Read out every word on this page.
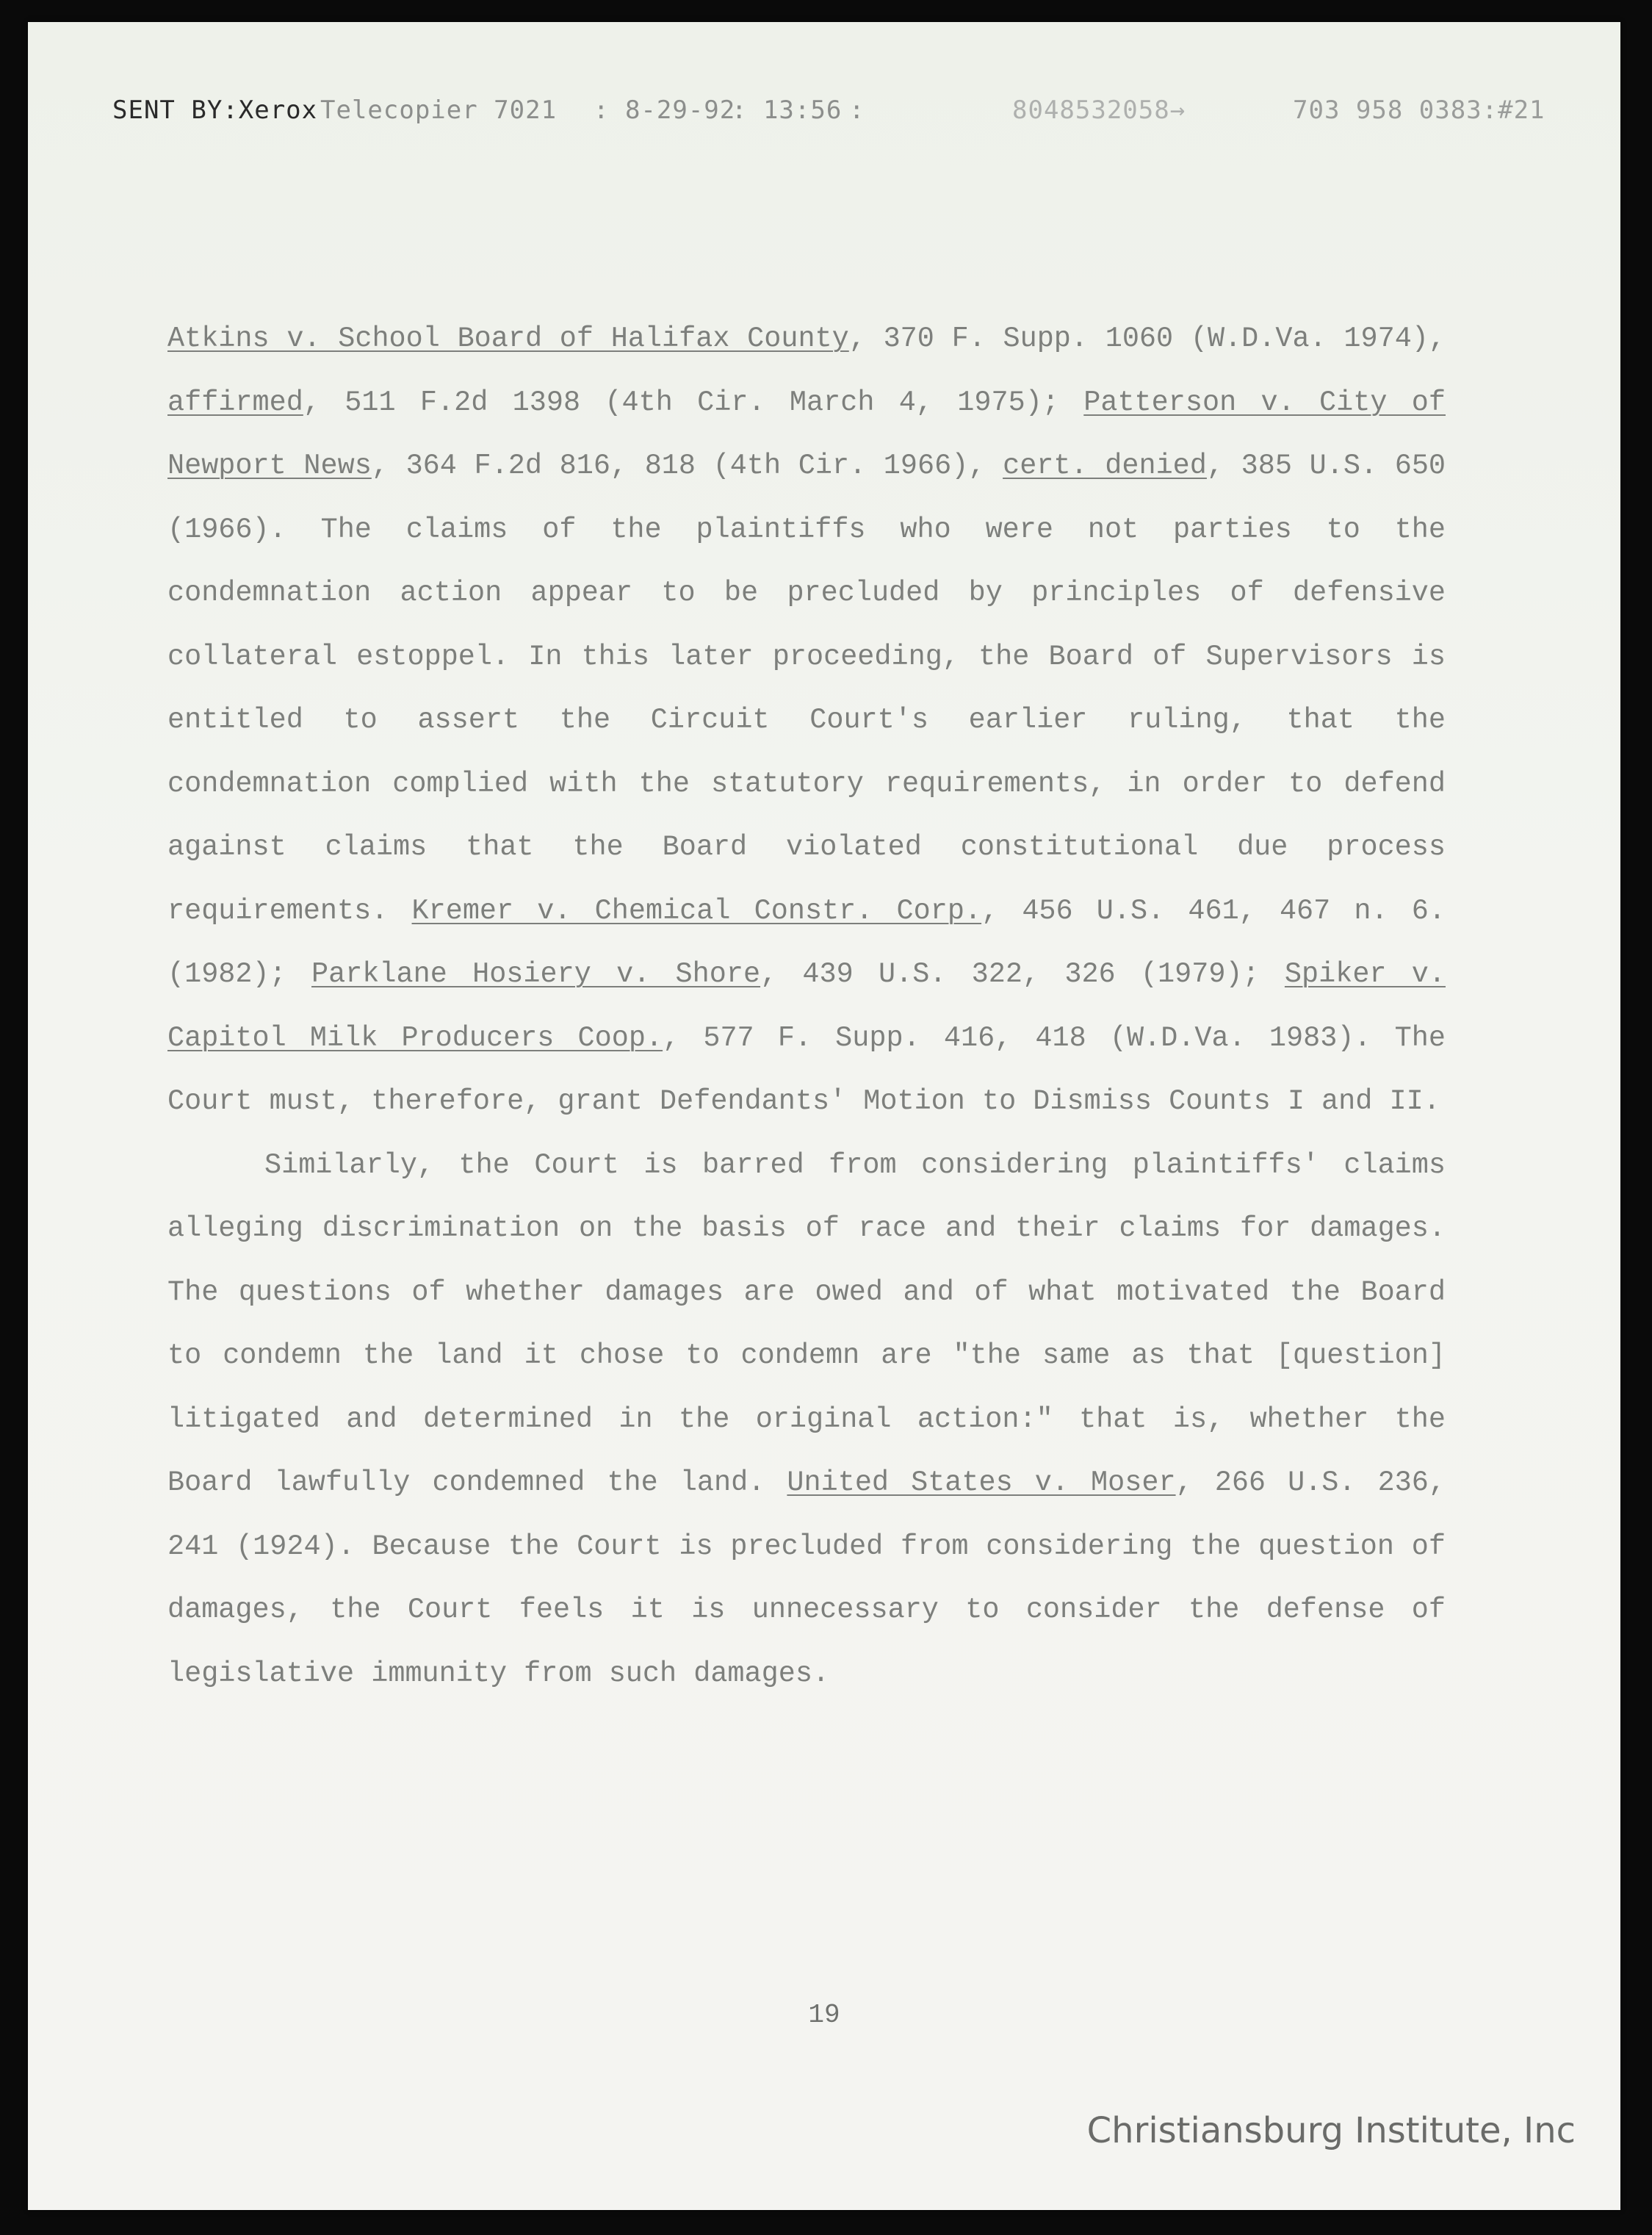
SENT BY:Xerox Telecopier 7021 : 8-29-92
: 13:56 :	8048532058→	703 958 0383:#21

Atkins v. School Board of Halifax County, 370 F. Supp. 1060 (W.D.Va. 1974), affirmed, 511 F.2d 1398 (4th Cir. March 4, 1975); Patterson v. City of Newport News, 364 F.2d 816, 818 (4th Cir. 1966), cert. denied, 385 U.S. 650 (1966). The claims of the plaintiffs who were not parties to the condemnation action appear to be precluded by principles of defensive collateral estoppel. In this later proceeding, the Board of Supervisors is entitled to assert the Circuit Court's earlier ruling, that the condemnation complied with the statutory requirements, in order to defend against claims that the Board violated constitutional due process requirements. Kremer v. Chemical Constr. Corp., 456 U.S. 461, 467 n. 6. (1982); Parklane Hosiery v. Shore, 439 U.S. 322, 326 (1979); Spiker v. Capitol Milk Producers Coop., 577 F. Supp. 416, 418 (W.D.Va. 1983). The Court must, therefore, grant Defendants' Motion to Dismiss Counts I and II.

Similarly, the Court is barred from considering plaintiffs' claims alleging discrimination on the basis of race and their claims for damages. The questions of whether damages are owed and of what motivated the Board to condemn the land it chose to condemn are "the same as that [question] litigated and determined in the original action:" that is, whether the Board lawfully condemned the land. United States v. Moser, 266 U.S. 236, 241 (1924). Because the Court is precluded from considering the question of damages, the Court feels it is unnecessary to consider the defense of legislative immunity from such damages.

19
Christiansburg Institute, Inc
